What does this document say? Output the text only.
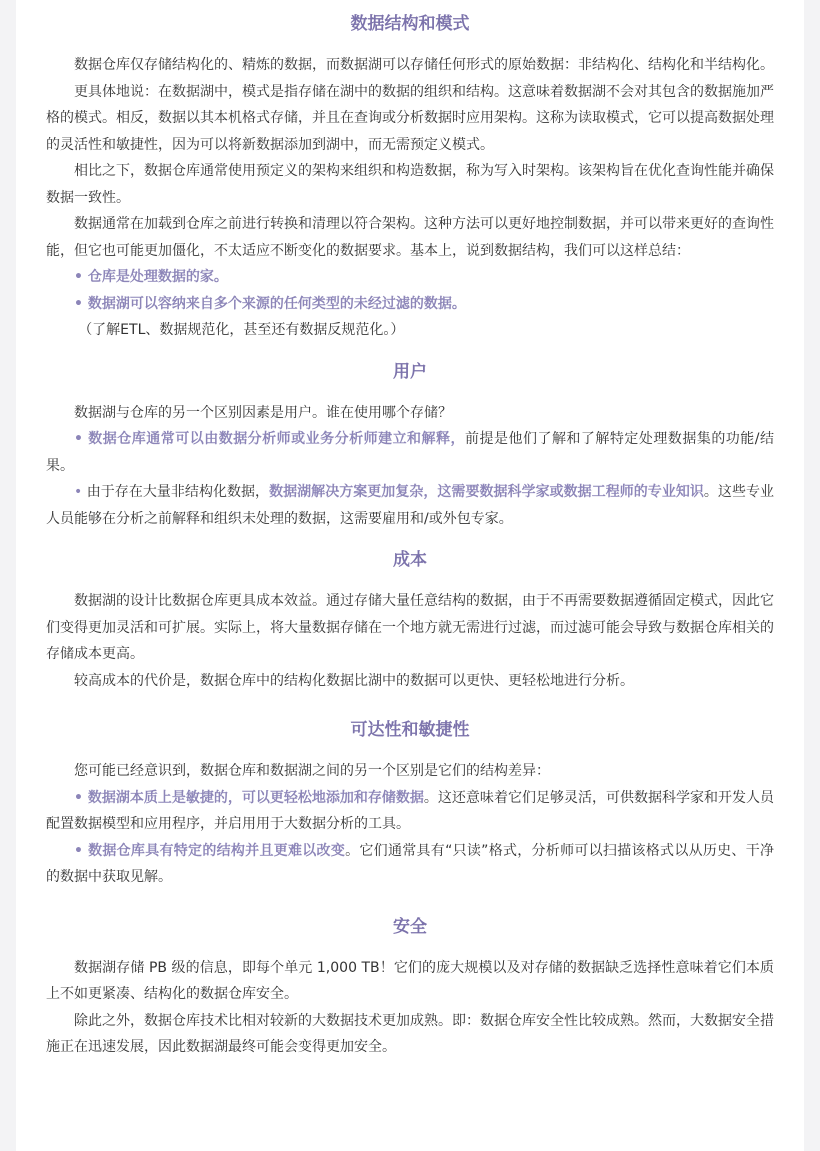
数据结构和模式

数据仓库仅存储结构化的、精炼的数据，而数据湖可以存储任何形式的原始数据：非结构化、结构化和半结构化。

更具体地说：在数据湖中，模式是指存储在湖中的数据的组织和结构。这意味着数据湖不会对其包含的数据施加严格的模式。相反，数据以其本机格式存储，并且在查询或分析数据时应用架构。这称为读取模式，它可以提高数据处理的灵活性和敏捷性，因为可以将新数据添加到湖中，而无需预定义模式。

相比之下，数据仓库通常使用预定义的架构来组织和构造数据，称为写入时架构。该架构旨在优化查询性能并确保数据一致性。

数据通常在加载到仓库之前进行转换和清理以符合架构。这种方法可以更好地控制数据，并可以带来更好的查询性能，但它也可能更加僵化，不太适应不断变化的数据要求。基本上，说到数据结构，我们可以这样总结：

• 仓库是处理数据的家。

• 数据湖可以容纳来自多个来源的任何类型的未经过滤的数据。

（了解ETL、数据规范化，甚至还有数据反规范化。）

用户

数据湖与仓库的另一个区别因素是用户。谁在使用哪个存储？

• 数据仓库通常可以由数据分析师或业务分析师建立和解释，前提是他们了解和了解特定处理数据集的功能/结果。

• 由于存在大量非结构化数据，数据湖解决方案更加复杂，这需要数据科学家或数据工程师的专业知识。这些专业人员能够在分析之前解释和组织未处理的数据，这需要雇用和/或外包专家。

成本

数据湖的设计比数据仓库更具成本效益。通过存储大量任意结构的数据，由于不再需要数据遵循固定模式，因此它们变得更加灵活和可扩展。实际上，将大量数据存储在一个地方就无需进行过滤，而过滤可能会导致与数据仓库相关的存储成本更高。

较高成本的代价是，数据仓库中的结构化数据比湖中的数据可以更快、更轻松地进行分析。

可达性和敏捷性

您可能已经意识到，数据仓库和数据湖之间的另一个区别是它们的结构差异：

• 数据湖本质上是敏捷的，可以更轻松地添加和存储数据。这还意味着它们足够灵活，可供数据科学家和开发人员配置数据模型和应用程序，并启用用于大数据分析的工具。

• 数据仓库具有特定的结构并且更难以改变。它们通常具有“只读”格式，分析师可以扫描该格式以从历史、干净的数据中获取见解。

安全

数据湖存储 PB 级的信息，即每个单元 1,000 TB！它们的庞大规模以及对存储的数据缺乏选择性意味着它们本质上不如更紧凑、结构化的数据仓库安全。

除此之外，数据仓库技术比相对较新的大数据技术更加成熟。即：数据仓库安全性比较成熟。然而，大数据安全措施正在迅速发展，因此数据湖最终可能会变得更加安全。
